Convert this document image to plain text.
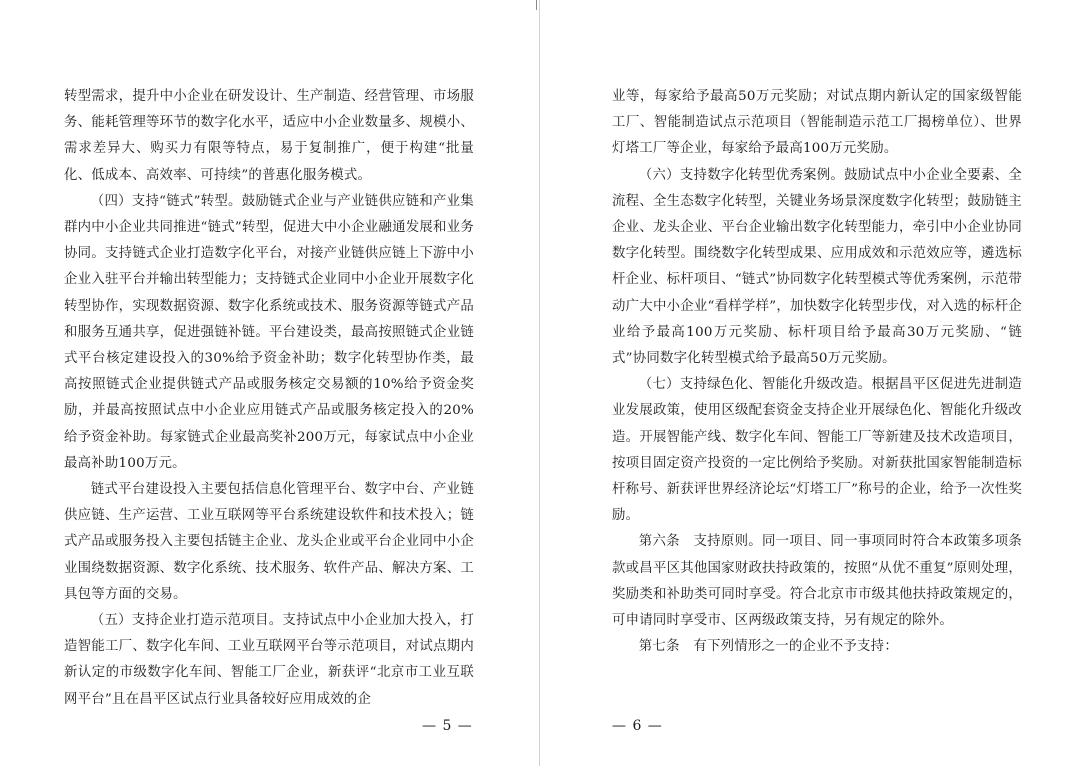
转型需求，提升中小企业在研发设计、生产制造、经营管理、市场服务、能耗管理等环节的数字化水平，适应中小企业数量多、规模小、需求差异大、购买力有限等特点，易于复制推广，便于构建“批量化、低成本、高效率、可持续”的普惠化服务模式。

（四）支持“链式”转型。鼓励链式企业与产业链供应链和产业集群内中小企业共同推进“链式”转型，促进大中小企业融通发展和业务协同。支持链式企业打造数字化平台，对接产业链供应链上下游中小企业入驻平台并输出转型能力；支持链式企业同中小企业开展数字化转型协作，实现数据资源、数字化系统或技术、服务资源等链式产品和服务互通共享，促进强链补链。平台建设类，最高按照链式企业链式平台核定建设投入的30%给予资金补助；数字化转型协作类，最高按照链式企业提供链式产品或服务核定交易额的10%给予资金奖励，并最高按照试点中小企业应用链式产品或服务核定投入的20%给予资金补助。每家链式企业最高奖补200万元，每家试点中小企业最高补助100万元。

链式平台建设投入主要包括信息化管理平台、数字中台、产业链供应链、生产运营、工业互联网等平台系统建设软件和技术投入；链式产品或服务投入主要包括链主企业、龙头企业或平台企业同中小企业围绕数据资源、数字化系统、技术服务、软件产品、解决方案、工具包等方面的交易。

（五）支持企业打造示范项目。支持试点中小企业加大投入，打造智能工厂、数字化车间、工业互联网平台等示范项目，对试点期内新认定的市级数字化车间、智能工厂企业，新获评“北京市工业互联网平台”且在昌平区试点行业具备较好应用成效的企

— 5 —

业等，每家给予最高50万元奖励；对试点期内新认定的国家级智能工厂、智能制造试点示范项目（智能制造示范工厂揭榜单位）、世界灯塔工厂等企业，每家给予最高100万元奖励。

（六）支持数字化转型优秀案例。鼓励试点中小企业全要素、全流程、全生态数字化转型，关键业务场景深度数字化转型；鼓励链主企业、龙头企业、平台企业输出数字化转型能力，牵引中小企业协同数字化转型。围绕数字化转型成果、应用成效和示范效应等，遴选标杆企业、标杆项目、“链式”协同数字化转型模式等优秀案例，示范带动广大中小企业“看样学样”，加快数字化转型步伐，对入选的标杆企业给予最高100万元奖励、标杆项目给予最高30万元奖励、“链式”协同数字化转型模式给予最高50万元奖励。

（七）支持绿色化、智能化升级改造。根据昌平区促进先进制造业发展政策，使用区级配套资金支持企业开展绿色化、智能化升级改造。开展智能产线、数字化车间、智能工厂等新建及技术改造项目，按项目固定资产投资的一定比例给予奖励。对新获批国家智能制造标杆称号、新获评世界经济论坛“灯塔工厂”称号的企业，给予一次性奖励。

第六条　支持原则。同一项目、同一事项同时符合本政策多项条款或昌平区其他国家财政扶持政策的，按照“从优不重复”原则处理，奖励类和补助类可同时享受。符合北京市市级其他扶持政策规定的，可申请同时享受市、区两级政策支持，另有规定的除外。

第七条　有下列情形之一的企业不予支持：

— 6 —
